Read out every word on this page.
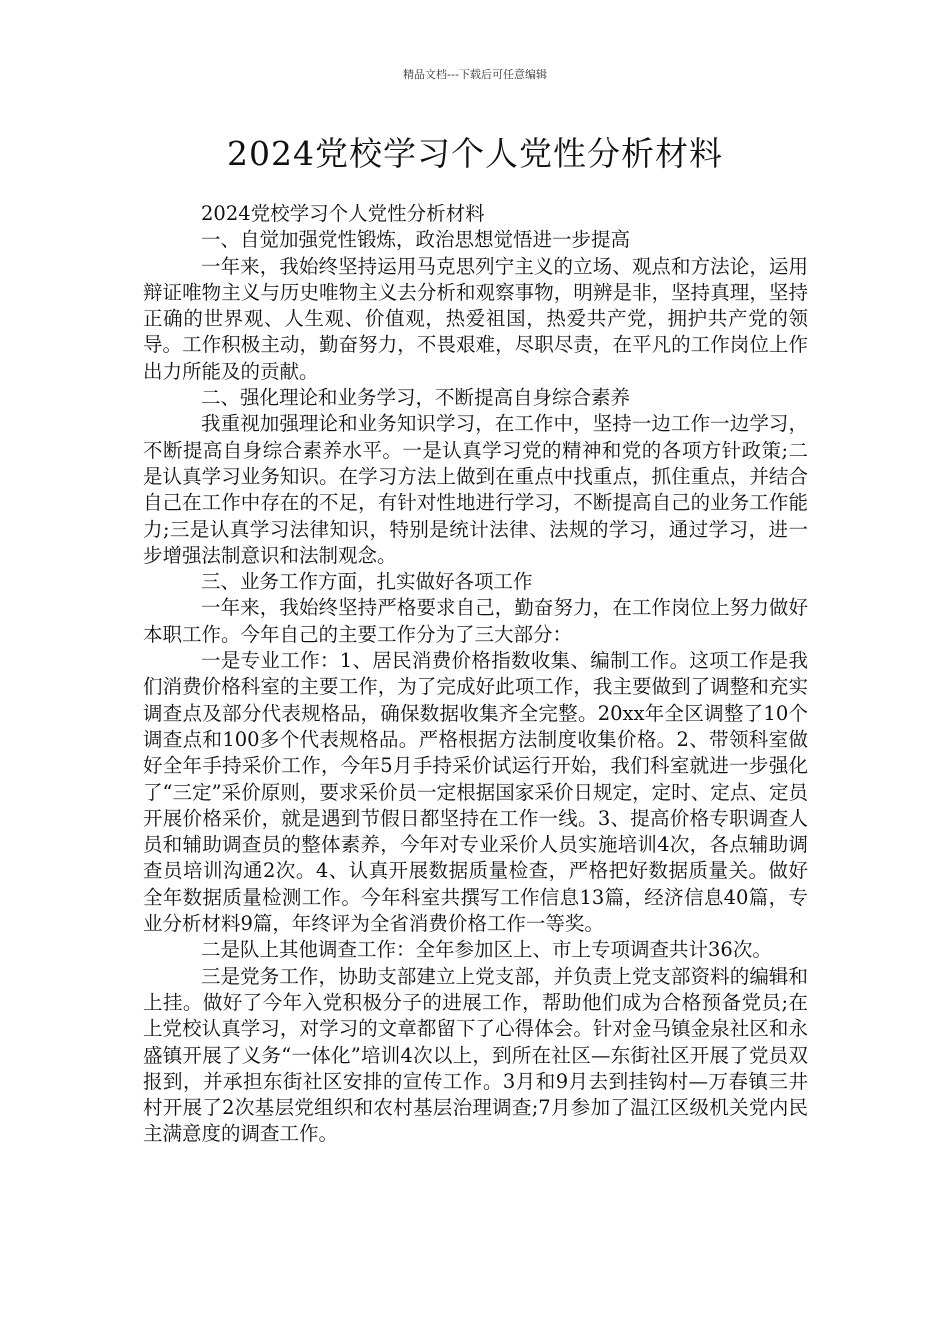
精品文档---下载后可任意编辑
2024党校学习个人党性分析材料

2024党校学习个人党性分析材料

一、自觉加强党性锻炼，政治思想觉悟进一步提高

一年来，我始终坚持运用马克思列宁主义的立场、观点和方法论，运用辩证唯物主义与历史唯物主义去分析和观察事物，明辨是非，坚持真理，坚持正确的世界观、人生观、价值观，热爱祖国，热爱共产党，拥护共产党的领导。工作积极主动，勤奋努力，不畏艰难，尽职尽责，在平凡的工作岗位上作出力所能及的贡献。

二、强化理论和业务学习，不断提高自身综合素养

我重视加强理论和业务知识学习，在工作中，坚持一边工作一边学习，不断提高自身综合素养水平。一是认真学习党的精神和党的各项方针政策;二是认真学习业务知识。在学习方法上做到在重点中找重点，抓住重点，并结合自己在工作中存在的不足，有针对性地进行学习，不断提高自己的业务工作能力;三是认真学习法律知识，特别是统计法律、法规的学习，通过学习，进一步增强法制意识和法制观念。

三、业务工作方面，扎实做好各项工作

一年来，我始终坚持严格要求自己，勤奋努力，在工作岗位上努力做好本职工作。今年自己的主要工作分为了三大部分：

一是专业工作：1、居民消费价格指数收集、编制工作。这项工作是我们消费价格科室的主要工作，为了完成好此项工作，我主要做到了调整和充实调查点及部分代表规格品，确保数据收集齐全完整。20xx年全区调整了10个调查点和100多个代表规格品。严格根据方法制度收集价格。2、带领科室做好全年手持采价工作，今年5月手持采价试运行开始，我们科室就进一步强化了“三定”采价原则，要求采价员一定根据国家采价日规定，定时、定点、定员开展价格采价，就是遇到节假日都坚持在工作一线。3、提高价格专职调查人员和辅助调查员的整体素养，今年对专业采价人员实施培训4次，各点辅助调查员培训沟通2次。4、认真开展数据质量检查，严格把好数据质量关。做好全年数据质量检测工作。今年科室共撰写工作信息13篇，经济信息40篇，专业分析材料9篇，年终评为全省消费价格工作一等奖。

二是队上其他调查工作：全年参加区上、市上专项调查共计36次。

三是党务工作，协助支部建立上党支部，并负责上党支部资料的编辑和上挂。做好了今年入党积极分子的进展工作，帮助他们成为合格预备党员;在上党校认真学习，对学习的文章都留下了心得体会。针对金马镇金泉社区和永盛镇开展了义务“一体化”培训4次以上，到所在社区—东街社区开展了党员双报到，并承担东街社区安排的宣传工作。3月和9月去到挂钩村—万春镇三井村开展了2次基层党组织和农村基层治理调查;7月参加了温江区级机关党内民主满意度的调查工作。
